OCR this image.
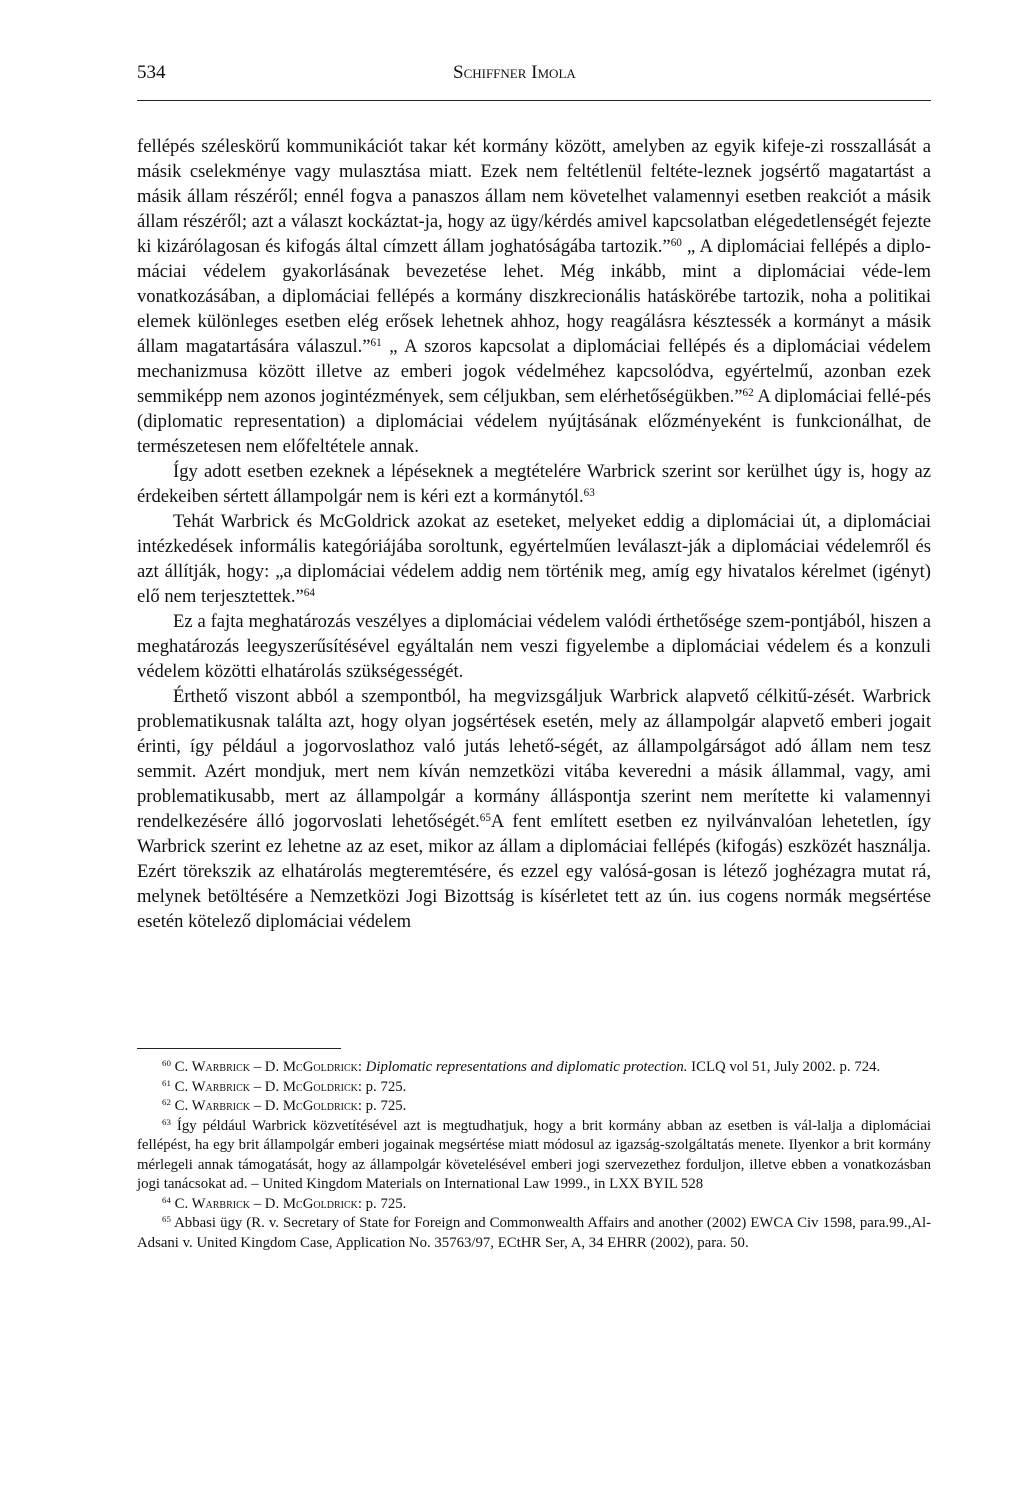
534	Schiffner Imola

fellépés széleskörű kommunikációt takar két kormány között, amelyben az egyik kifeje-zi rosszallását a másik cselekménye vagy mulasztása miatt. Ezek nem feltétlenül feltéte-leznek jogsértő magatartást a másik állam részéről; ennél fogva a panaszos állam nem követelhet valamennyi esetben reakciót a másik állam részéről; azt a választ kockáztat-ja, hogy az ügy/kérdés amivel kapcsolatban elégedetlenségét fejezte ki kizárólagosan és kifogás által címzett állam joghatóságába tartozik.”$^{60}$ „ A diplomáciai fellépés a diplo-máciai védelem gyakorlásának bevezetése lehet. Még inkább, mint a diplomáciai véde-lem vonatkozásában, a diplomáciai fellépés a kormány diszkrecionális hatáskörébe tartozik, noha a politikai elemek különleges esetben elég erősek lehetnek ahhoz, hogy reagálásra késztessék a kormányt a másik állam magatartására válaszul.”$^{61}$ „ A szoros kapcsolat a diplomáciai fellépés és a diplomáciai védelem mechanizmusa között illetve az emberi jogok védelméhez kapcsolódva, egyértelmű, azonban ezek semmiképp nem azonos jogintézmények, sem céljukban, sem elérhetőségükben.”$^{62}$ A diplomáciai fellé-pés (diplomatic representation) a diplomáciai védelem nyújtásának előzményeként is funkcionálhat, de természetesen nem előfeltétele annak.

Így adott esetben ezeknek a lépéseknek a megtételére Warbrick szerint sor kerülhet úgy is, hogy az érdekeiben sértett állampolgár nem is kéri ezt a kormánytól.$^{63}$

Tehát Warbrick és McGoldrick azokat az eseteket, melyeket eddig a diplomáciai út, a diplomáciai intézkedések informális kategóriájába soroltunk, egyértelműen leválaszt-ják a diplomáciai védelemről és azt állítják, hogy: „a diplomáciai védelem addig nem történik meg, amíg egy hivatalos kérelmet (igényt) elő nem terjesztettek.”$^{64}$

Ez a fajta meghatározás veszélyes a diplomáciai védelem valódi érthetősége szem-pontjából, hiszen a meghatározás leegyszerűsítésével egyáltalán nem veszi figyelembe a diplomáciai védelem és a konzuli védelem közötti elhatárolás szükségességét.

Érthető viszont abból a szempontból, ha megvizsgáljuk Warbrick alapvető célkitű-zését. Warbrick problematikusnak találta azt, hogy olyan jogsértések esetén, mely az állampolgár alapvető emberi jogait érinti, így például a jogorvoslathoz való jutás lehető-ségét, az állampolgárságot adó állam nem tesz semmit. Azért mondjuk, mert nem kíván nemzetközi vitába keveredni a másik állammal, vagy, ami problematikusabb, mert az állampolgár a kormány álláspontja szerint nem merítette ki valamennyi rendelkezésére álló jogorvoslati lehetőségét.$^{65}$A fent említett esetben ez nyilvánvalóan lehetetlen, így Warbrick szerint ez lehetne az az eset, mikor az állam a diplomáciai fellépés (kifogás) eszközét használja. Ezért törekszik az elhatárolás megteremtésére, és ezzel egy valósá-gosan is létező joghézagra mutat rá, melynek betöltésére a Nemzetközi Jogi Bizottság is kísérletet tett az ún. ius cogens normák megsértése esetén kötelező diplomáciai védelem

$^{60}$ C. Warbrick – D. McGoldrick: Diplomatic representations and diplomatic protection. ICLQ vol 51, July 2002. p. 724.

$^{61}$ C. Warbrick – D. McGoldrick: p. 725.

$^{62}$ C. Warbrick – D. McGoldrick: p. 725.

$^{63}$ Így például Warbrick közvetítésével azt is megtudhatjuk, hogy a brit kormány abban az esetben is vál-lalja a diplomáciai fellépést, ha egy brit állampolgár emberi jogainak megsértése miatt módosul az igazság-szolgáltatás menete. Ilyenkor a brit kormány mérlegeli annak támogatását, hogy az állampolgár követelésével emberi jogi szervezethez forduljon, illetve ebben a vonatkozásban jogi tanácsokat ad. – United Kingdom Materials on International Law 1999., in LXX BYIL 528

$^{64}$ C. Warbrick – D. McGoldrick: p. 725.

$^{65}$ Abbasi ügy (R. v. Secretary of State for Foreign and Commonwealth Affairs and another (2002) EWCA Civ 1598, para.99.,Al-Adsani v. United Kingdom Case, Application No. 35763/97, ECtHR Ser, A, 34 EHRR (2002), para. 50.
